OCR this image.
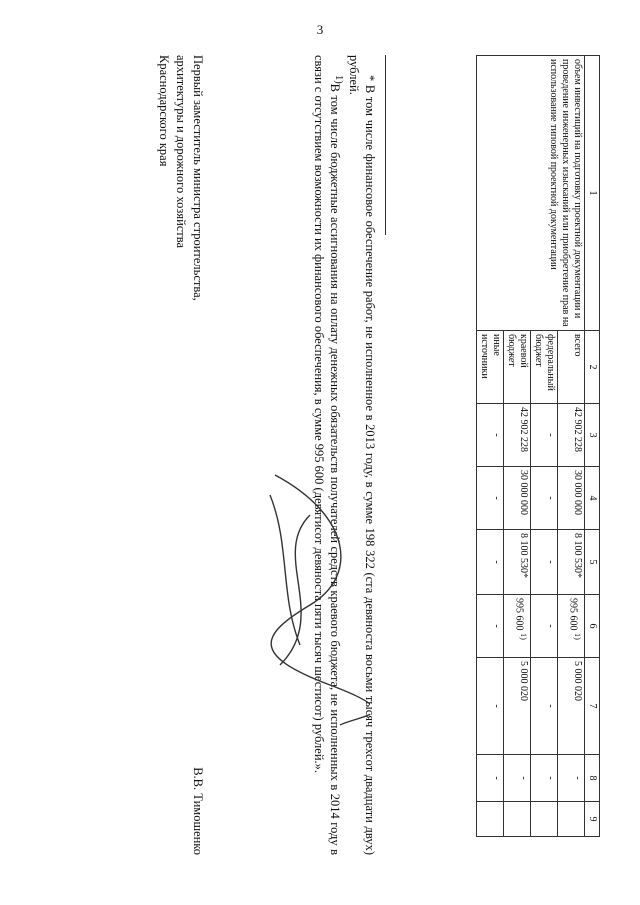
3
1	2	3	4	5	6	7	8	9
объем инвестиций на подготовку проектной документации и проведение инженерных изысканий или приобретение прав на использование типовой проектной документации	всего	42 902 228	30 000 000	8 100 530*	995 600 $^{1)}$	5 000 020	-	
	федеральный бюджет	-	-	-	-	-	-	
	краевой бюджет	42 902 228	30 000 000	8 100 530*	995 600 $^{1)}$	5 000 020	-	
	иные источники	-	-	-	-	-	-	

* В том числе финансовое обеспечение работ, не исполненное в 2013 году, в сумме 198 322 (ста девяноста восьми тысяч трехсот двадцати двух) рублей.

$^{1)}$В том числе бюджетные ассигнования на оплату денежных обязательств получателей средств краевого бюджета, не исполненных в 2014 году в связи с отсутствием возможности их финансового обеспечения, в сумме 995 600 (девятисот девяноста пяти тысяч шестисот) рублей.».

Первый заместитель министра строительства,
архитектуры и дорожного хозяйства
Краснодарского края
В.В. Тимошенко
